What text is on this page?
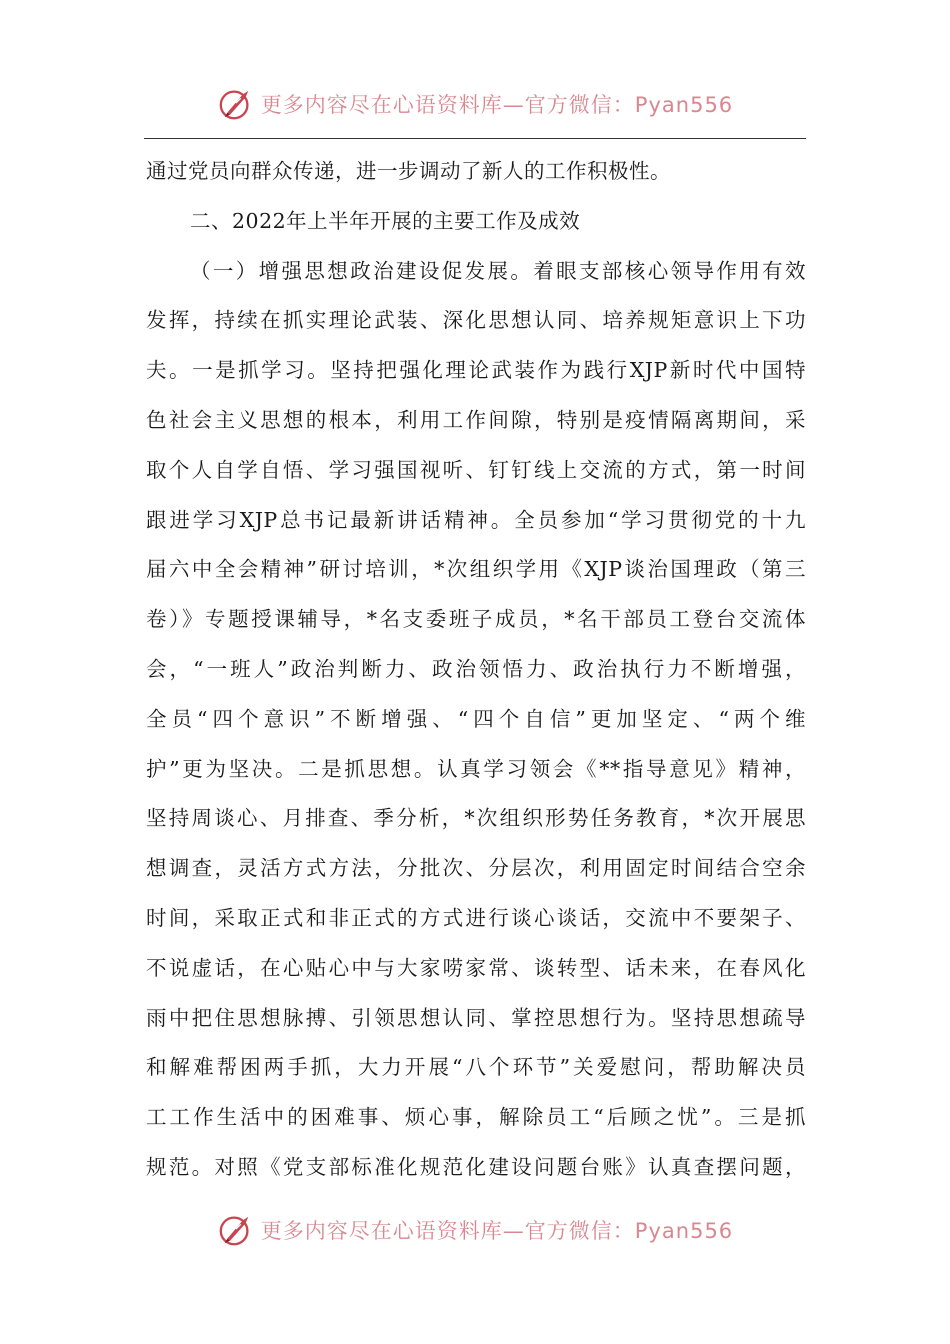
更多内容尽在心语资料库—官方微信：Pyan556
通过党员向群众传递，进一步调动了新人的工作积极性。
二、2022年上半年开展的主要工作及成效
（一）增强思想政治建设促发展。着眼支部核心领导作用有效
发挥，持续在抓实理论武装、深化思想认同、培养规矩意识上下功
夫。一是抓学习。坚持把强化理论武装作为践行XJP新时代中国特
色社会主义思想的根本，利用工作间隙，特别是疫情隔离期间，采
取个人自学自悟、学习强国视听、钉钉线上交流的方式，第一时间
跟进学习XJP总书记最新讲话精神。全员参加“学习贯彻党的十九
届六中全会精神”研讨培训，*次组织学用《XJP谈治国理政（第三
卷）》专题授课辅导，*名支委班子成员，*名干部员工登台交流体
会，“一班人”政治判断力、政治领悟力、政治执行力不断增强，
全员“四个意识”不断增强、“四个自信”更加坚定、“两个维
护”更为坚决。二是抓思想。认真学习领会《**指导意见》精神，
坚持周谈心、月排查、季分析，*次组织形势任务教育，*次开展思
想调查，灵活方式方法，分批次、分层次，利用固定时间结合空余
时间，采取正式和非正式的方式进行谈心谈话，交流中不要架子、
不说虚话，在心贴心中与大家唠家常、谈转型、话未来，在春风化
雨中把住思想脉搏、引领思想认同、掌控思想行为。坚持思想疏导
和解难帮困两手抓，大力开展“八个环节”关爱慰问，帮助解决员
工工作生活中的困难事、烦心事，解除员工“后顾之忧”。三是抓
规范。对照《党支部标准化规范化建设问题台账》认真查摆问题，
更多内容尽在心语资料库—官方微信：Pyan556
